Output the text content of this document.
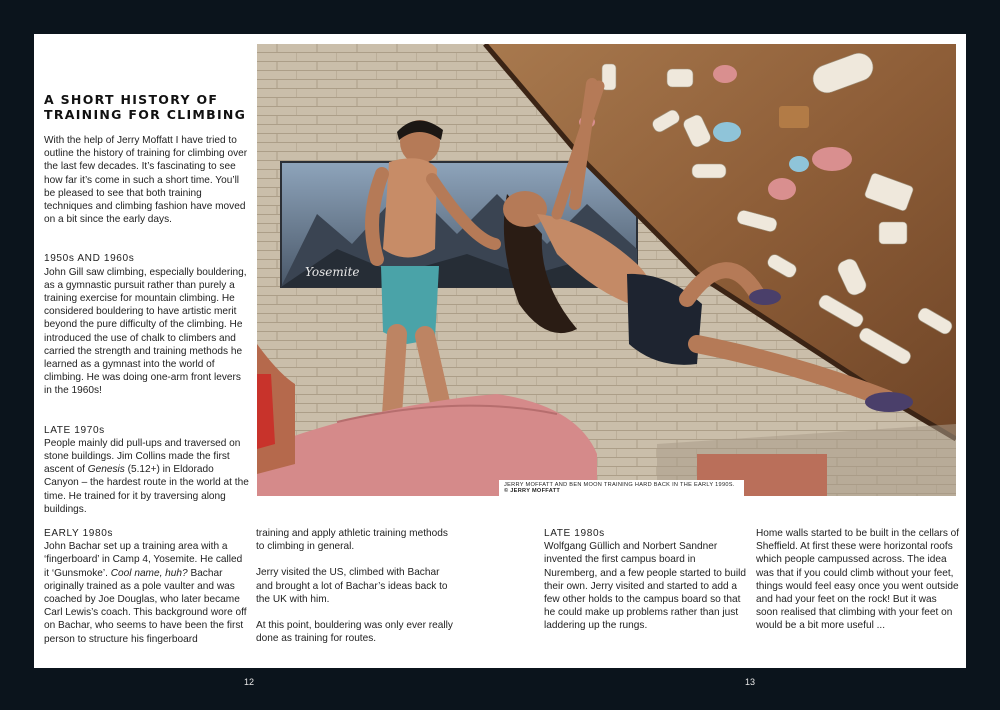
A SHORT HISTORY OF TRAINING FOR CLIMBING

With the help of Jerry Moffatt I have tried to outline the history of training for climbing over the last few decades. It’s fascinating to see how far it’s come in such a short time. You’ll be pleased to see that both training techniques and climbing fashion have moved on a bit since the early days.

1950s AND 1960s

John Gill saw climbing, especially bouldering, as a gymnastic pursuit rather than purely a training exercise for mountain climbing. He considered bouldering to have artistic merit beyond the pure difficulty of the climbing. He introduced the use of chalk to climbers and carried the strength and training methods he learned as a gymnast into the world of climbing. He was doing one-arm front levers in the 1960s!

LATE 1970s

People mainly did pull-ups and traversed on stone buildings. Jim Collins made the first ascent of Genesis (5.12+) in Eldorado Canyon – the hardest route in the world at the time. He trained for it by traversing along buildings.

EARLY 1980s

John Bachar set up a training area with a ‘fingerboard’ in Camp 4, Yosemite. He called it ‘Gunsmoke’. Cool name, huh? Bachar originally trained as a pole vaulter and was coached by Joe Douglas, who later became Carl Lewis’s coach. This background wore off on Bachar, who seems to have been the first person to structure his fingerboard

training and apply athletic training methods to climbing in general.

Jerry visited the US, climbed with Bachar and brought a lot of Bachar’s ideas back to the UK with him.

At this point, bouldering was only ever really done as training for routes.

LATE 1980s

Wolfgang Güllich and Norbert Sandner invented the first campus board in Nuremberg, and a few people started to build their own. Jerry visited and started to add a few other holds to the campus board so that he could make up problems rather than just laddering up the rungs.

Home walls started to be built in the cellars of Sheffield. At first these were horizontal roofs which people campussed across. The idea was that if you could climb without your feet, things would feel easy once you went outside and had your feet on the rock! But it was soon realised that climbing with your feet on would be a bit more useful ...

Yosemite
JERRY MOFFATT AND BEN MOON TRAINING HARD BACK IN THE EARLY 1990S. © JERRY MOFFATT
12	13
